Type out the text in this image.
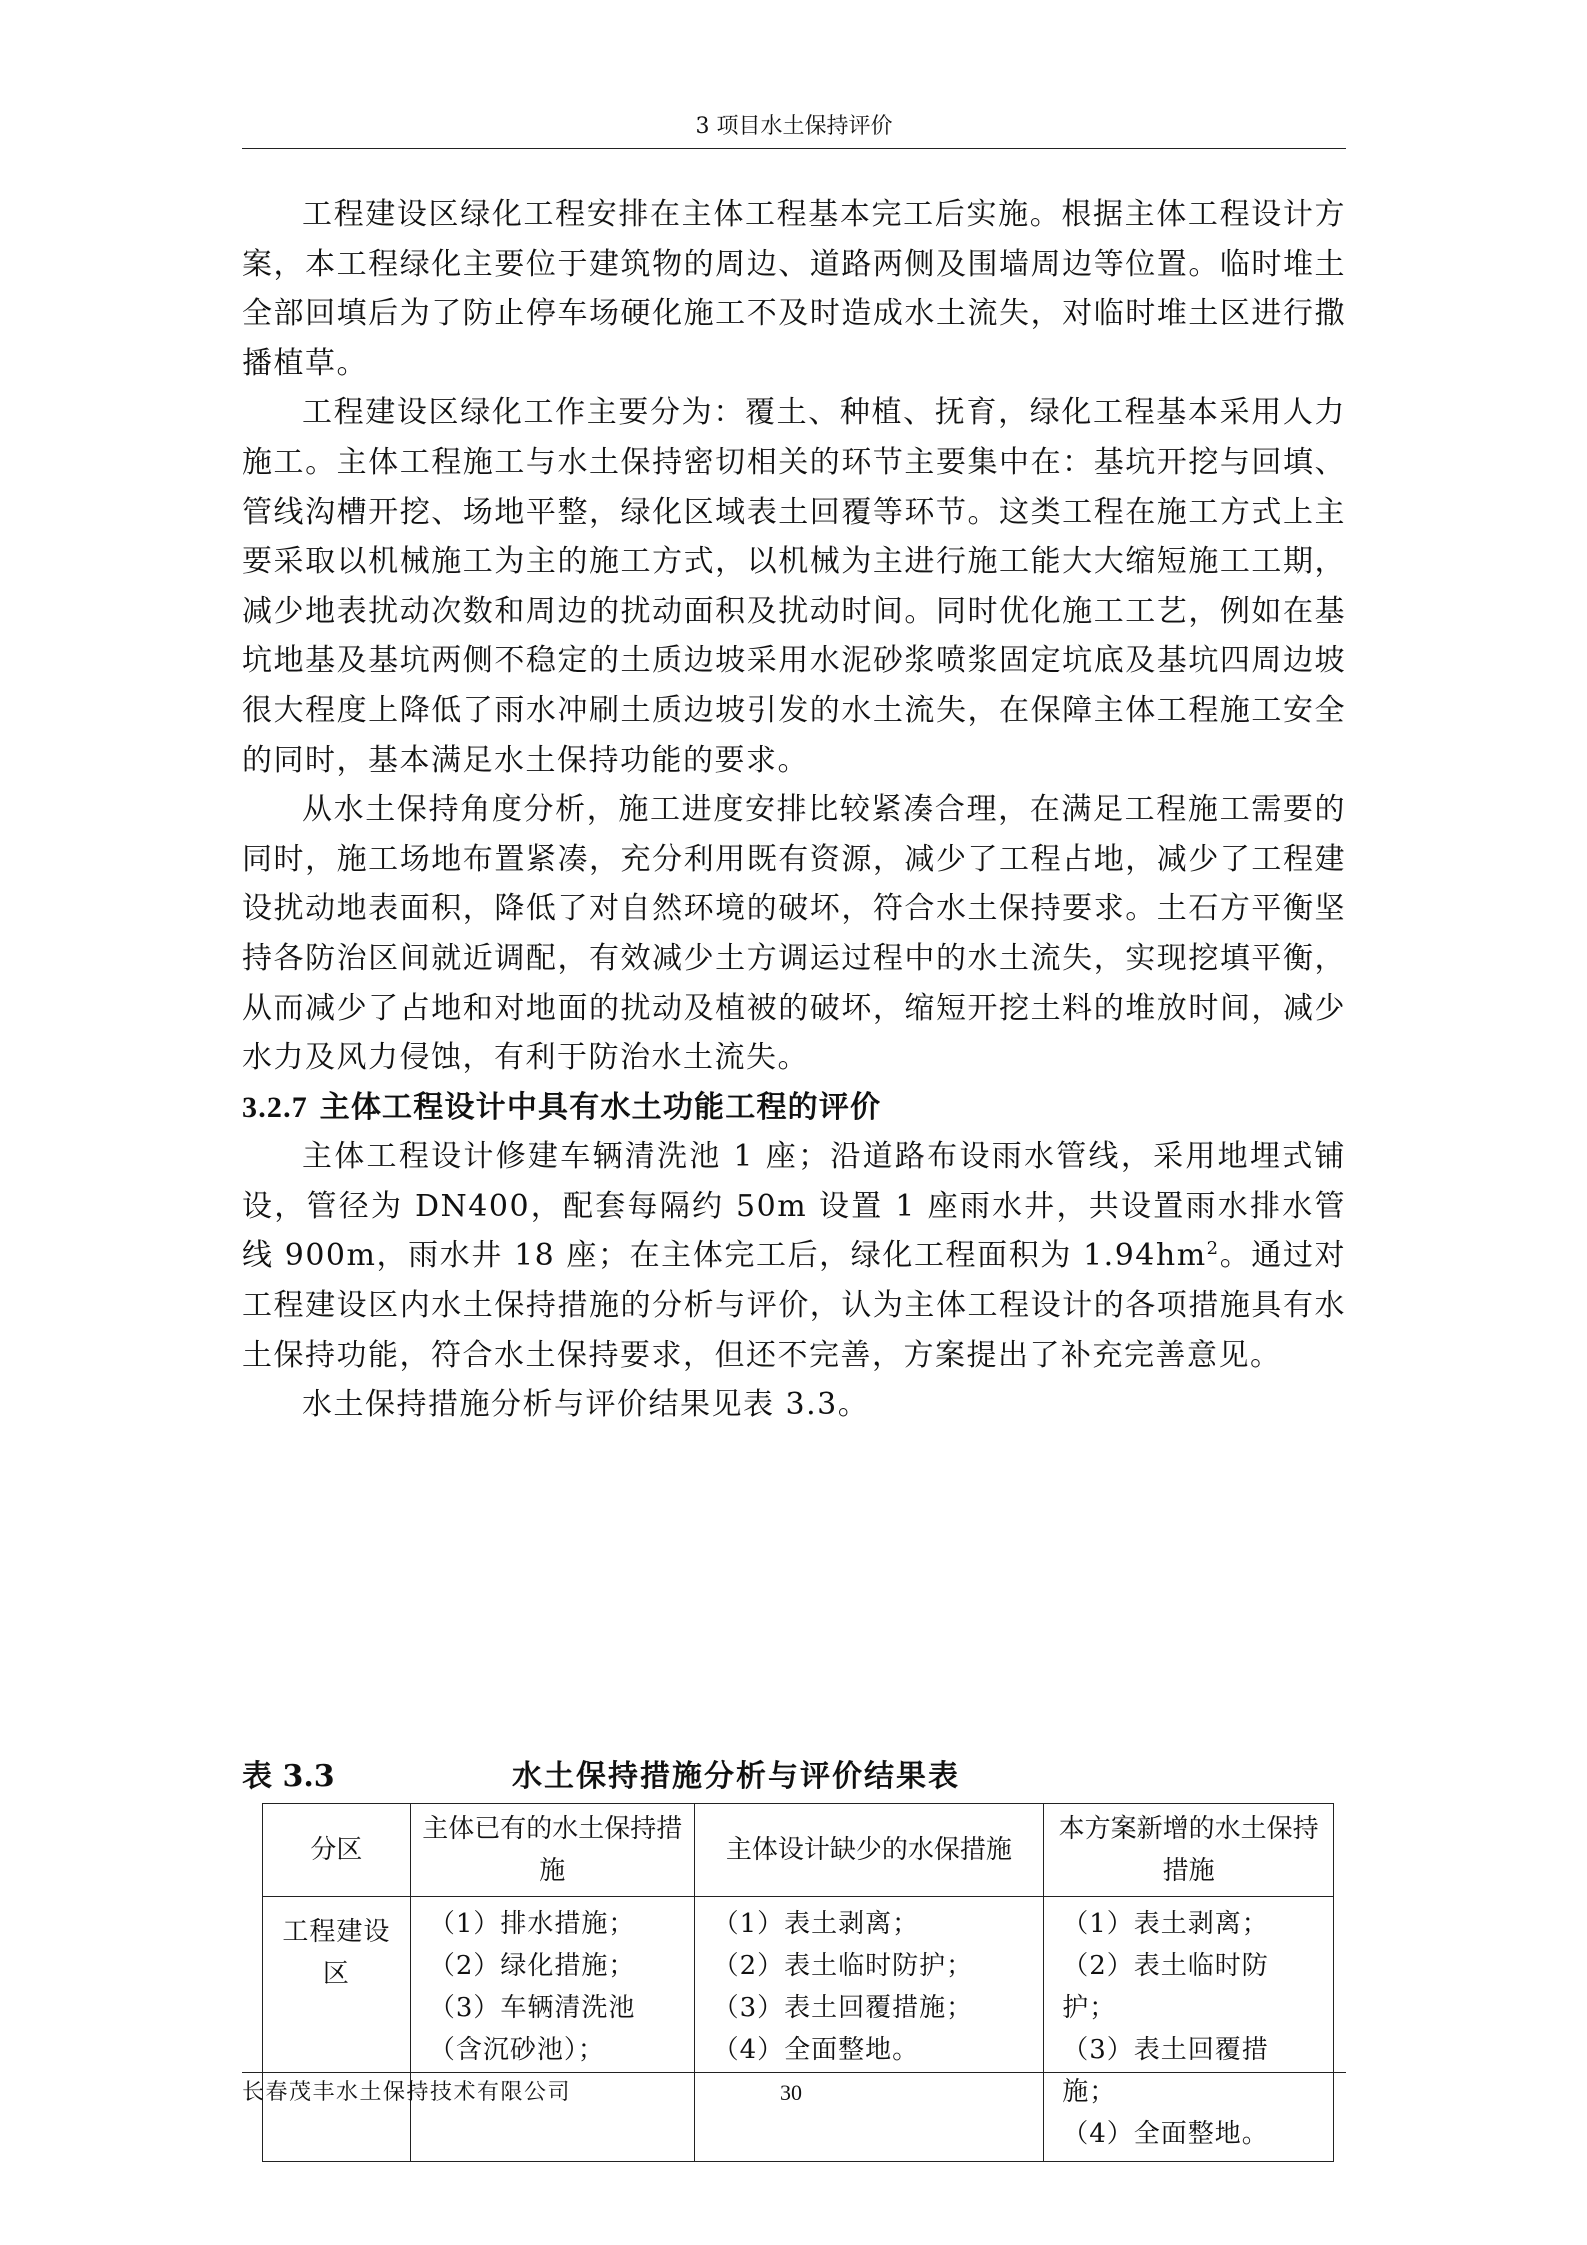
3 项目水土保持评价

工程建设区绿化工程安排在主体工程基本完工后实施。根据主体工程设计方案，本工程绿化主要位于建筑物的周边、道路两侧及围墙周边等位置。临时堆土全部回填后为了防止停车场硬化施工不及时造成水土流失，对临时堆土区进行撒播植草。

工程建设区绿化工作主要分为：覆土、种植、抚育，绿化工程基本采用人力施工。主体工程施工与水土保持密切相关的环节主要集中在：基坑开挖与回填、管线沟槽开挖、场地平整，绿化区域表土回覆等环节。这类工程在施工方式上主要采取以机械施工为主的施工方式，以机械为主进行施工能大大缩短施工工期，减少地表扰动次数和周边的扰动面积及扰动时间。同时优化施工工艺，例如在基坑地基及基坑两侧不稳定的土质边坡采用水泥砂浆喷浆固定坑底及基坑四周边坡很大程度上降低了雨水冲刷土质边坡引发的水土流失，在保障主体工程施工安全的同时，基本满足水土保持功能的要求。

从水土保持角度分析，施工进度安排比较紧凑合理，在满足工程施工需要的同时，施工场地布置紧凑，充分利用既有资源，减少了工程占地，减少了工程建设扰动地表面积，降低了对自然环境的破坏，符合水土保持要求。土石方平衡坚持各防治区间就近调配，有效减少土方调运过程中的水土流失，实现挖填平衡，从而减少了占地和对地面的扰动及植被的破坏，缩短开挖土料的堆放时间，减少水力及风力侵蚀，有利于防治水土流失。

3.2.7 主体工程设计中具有水土功能工程的评价

主体工程设计修建车辆清洗池 1 座；沿道路布设雨水管线，采用地埋式铺设，管径为 DN400，配套每隔约 50m 设置 1 座雨水井，共设置雨水排水管线 900m，雨水井 18 座；在主体完工后，绿化工程面积为 $1.94hm^2$。通过对工程建设区内水土保持措施的分析与评价，认为主体工程设计的各项措施具有水土保持功能，符合水土保持要求，但还不完善，方案提出了补充完善意见。

水土保持措施分析与评价结果见表 3.3。

表 3.3	水土保持措施分析与评价结果表
分区	主体已有的水土保持措施	主体设计缺少的水保措施	本方案新增的水土保持措施
工程建设区	（1）排水措施；
（2）绿化措施；
（3）车辆清洗池（含沉砂池）；	（1）表土剥离；
（2）表土临时防护；
（3）表土回覆措施；
（4）全面整地。	（1）表土剥离；
（2）表土临时防护；
（3）表土回覆措施；
（4）全面整地。
长春茂丰水土保持技术有限公司	30
